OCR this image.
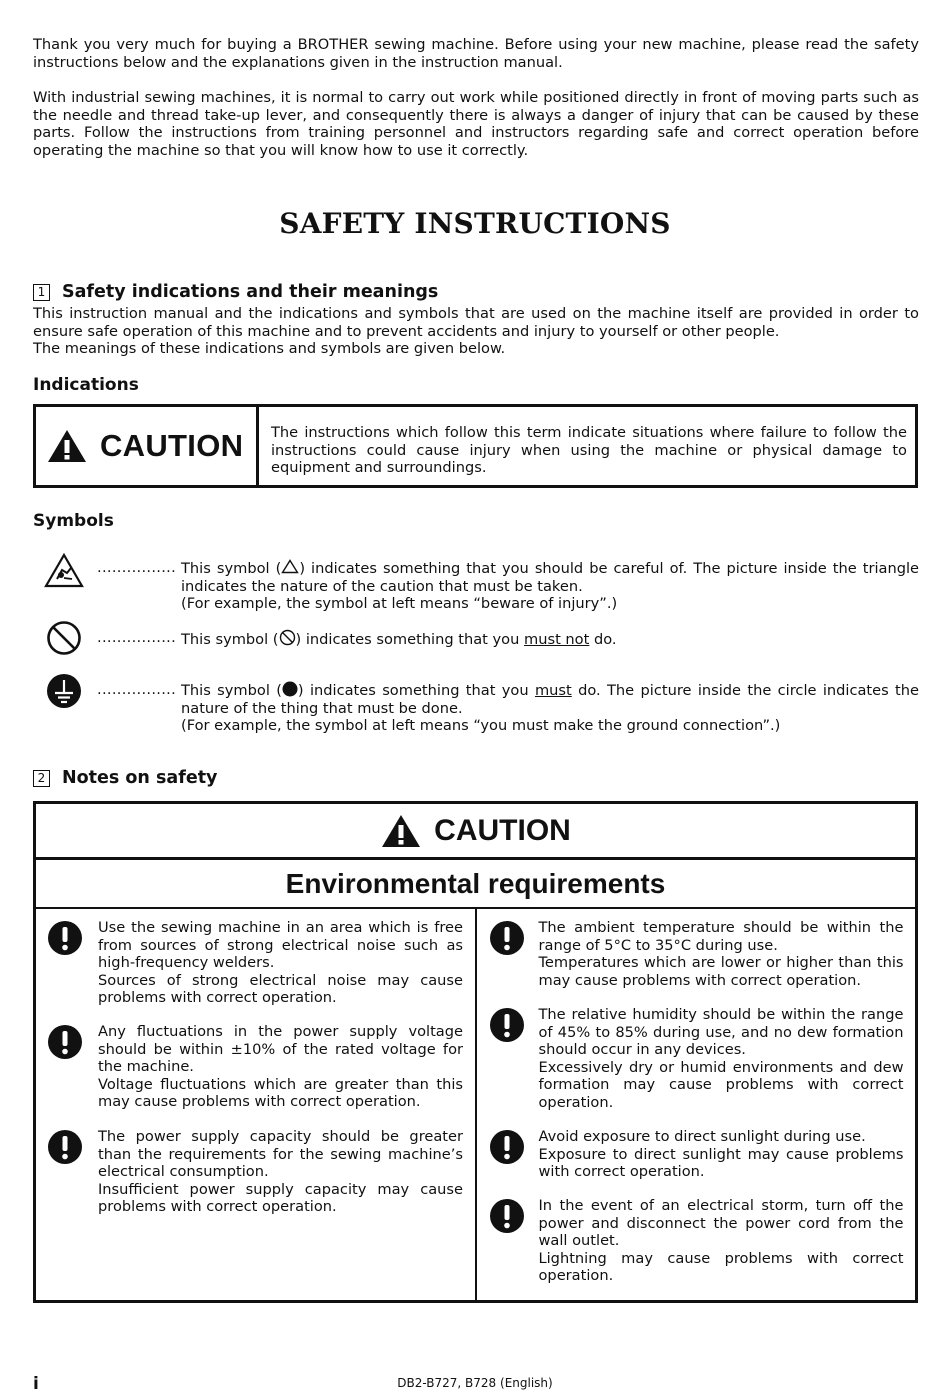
Thank you very much for buying a BROTHER sewing machine. Before using your new machine, please read the safety instructions below and the explanations given in the instruction manual.

With industrial sewing machines, it is normal to carry out work while positioned directly in front of moving parts such as the needle and thread take-up lever, and consequently there is always a danger of injury that can be caused by these parts. Follow the instructions from training personnel and instructors regarding safe and correct operation before operating the machine so that you will know how to use it correctly.

SAFETY INSTRUCTIONS
1 Safety indications and their meanings

This instruction manual and the indications and symbols that are used on the machine itself are provided in order to ensure safe operation of this machine and to prevent accidents and injury to yourself or other people.

The meanings of these indications and symbols are given below.

Indications
CAUTION The instructions which follow this term indicate situations where failure to follow the instructions could cause injury when using the machine or physical damage to equipment and surroundings.

Symbols
................ This symbol ( ) indicates something that you should be careful of. The picture inside the triangle indicates the nature of the caution that must be taken.

(For example, the symbol at left means “beware of injury”.)

................ This symbol ( ) indicates something that you must not do.

................ This symbol ( ) indicates something that you must do. The picture inside the circle indicates the nature of the thing that must be done.

(For example, the symbol at left means “you must make the ground connection”.)

2 Notes on safety
CAUTION
Environmental requirements

Use the sewing machine in an area which is free from sources of strong electrical noise such as high-frequency welders.

Sources of strong electrical noise may cause problems with correct operation.

Any fluctuations in the power supply voltage should be within ±10% of the rated voltage for the machine.

Voltage fluctuations which are greater than this may cause problems with correct operation.

The power supply capacity should be greater than the requirements for the sewing machine’s electrical consumption.

Insufficient power supply capacity may cause problems with correct operation.

The ambient temperature should be within the range of 5°C to 35°C during use.

Temperatures which are lower or higher than this may cause problems with correct operation.

The relative humidity should be within the range of 45% to 85% during use, and no dew formation should occur in any devices.

Excessively dry or humid environments and dew formation may cause problems with correct operation.

Avoid exposure to direct sunlight during use.

Exposure to direct sunlight may cause problems with correct operation.

In the event of an electrical storm, turn off the power and disconnect the power cord from the wall outlet.

Lightning may cause problems with correct operation.

i	DB2-B727, B728 (English)
